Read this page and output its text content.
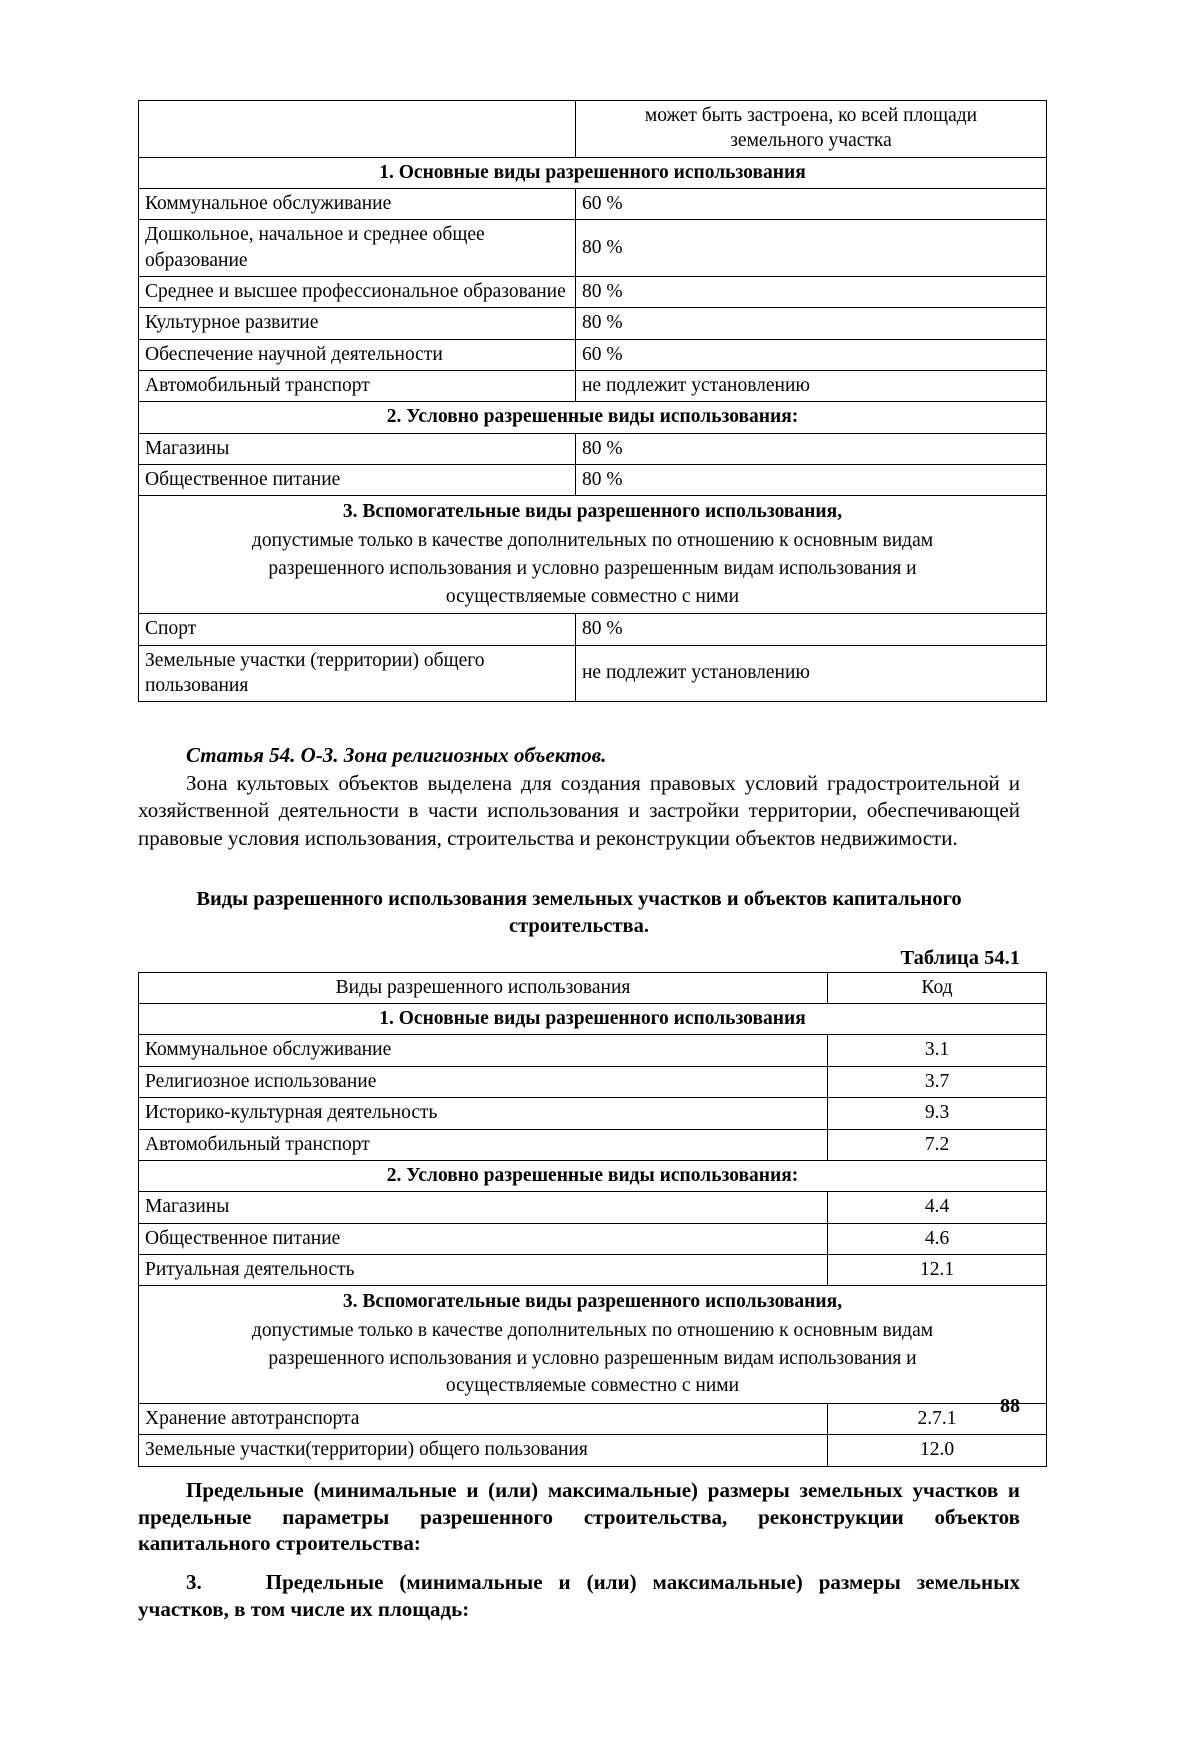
	может быть застроена, ко всей площади
земельного участка
1. Основные виды разрешенного использования	
Коммунальное обслуживание	60 %
Дошкольное, начальное и среднее общее образование	80 %
Среднее и высшее профессиональное образование	80 %
Культурное развитие	80 %
Обеспечение научной деятельности	60 %
Автомобильный транспорт	не подлежит установлению
2. Условно разрешенные виды использования:	
Магазины	80 %
Общественное питание	80 %

3. Вспомогательные виды разрешенного использования,
допустимые только в качестве дополнительных по отношению к основным видам
разрешенного использования и условно разрешенным видам использования и
осуществляемые совместно с ними	

Спорт	80 %
Земельные участки (территории) общего пользования	не подлежит установлению
Статья 54. О-3. Зона религиозных объектов.

Зона культовых объектов выделена для создания правовых условий градостроительной и хозяйственной деятельности в части использования и застройки территории, обеспечивающей правовые условия использования, строительства и реконструкции объектов недвижимости.

Виды разрешенного использования земельных участков и объектов капитального строительства.
Таблица 54.1
Виды разрешенного использования	Код
1. Основные виды разрешенного использования	
Коммунальное обслуживание	3.1
Религиозное использование	3.7
Историко-культурная деятельность	9.3
Автомобильный транспорт	7.2
2. Условно разрешенные виды использования:	
Магазины	4.4
Общественное питание	4.6
Ритуальная деятельность	12.1

3. Вспомогательные виды разрешенного использования,
допустимые только в качестве дополнительных по отношению к основным видам
разрешенного использования и условно разрешенным видам использования и
осуществляемые совместно с ними	

Хранение автотранспорта	2.7.1
Земельные участки(территории) общего пользования	12.0

Предельные (минимальные и (или) максимальные) размеры земельных участков и предельные параметры разрешенного строительства, реконструкции объектов капитального строительства:

3.	Предельные (минимальные и (или) максимальные) размеры земельных участков, в том числе их площадь:

88
